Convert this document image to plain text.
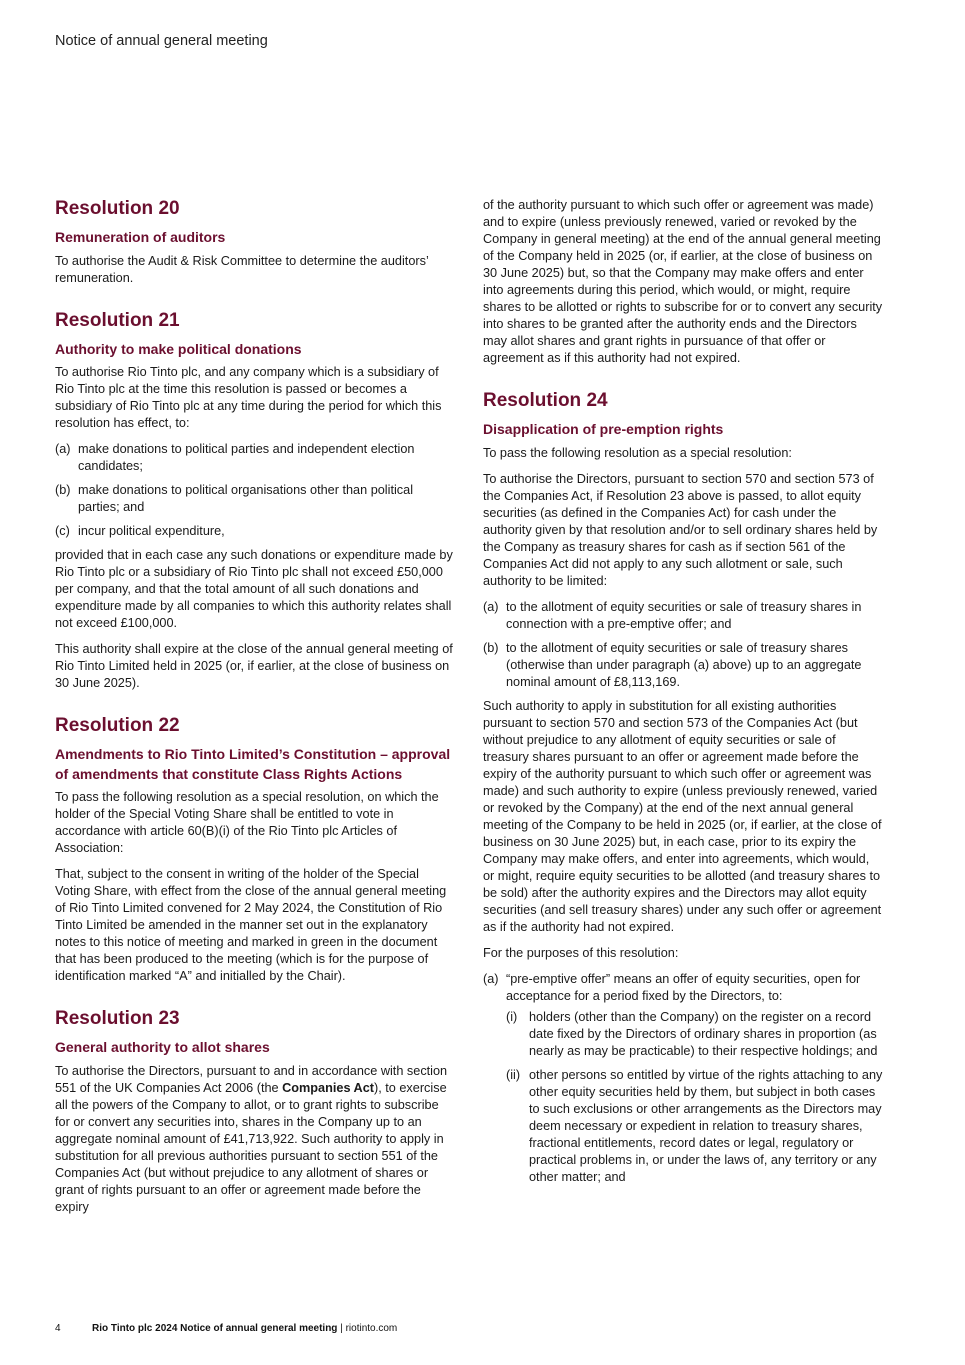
Notice of annual general meeting
Resolution 20
Remuneration of auditors

To authorise the Audit & Risk Committee to determine the auditors’ remuneration.

Resolution 21
Authority to make political donations

To authorise Rio Tinto plc, and any company which is a subsidiary of Rio Tinto plc at the time this resolution is passed or becomes a subsidiary of Rio Tinto plc at any time during the period for which this resolution has effect, to:

(a) make donations to political parties and independent election candidates;
(b) make donations to political organisations other than political parties; and
(c) incur political expenditure,

provided that in each case any such donations or expenditure made by Rio Tinto plc or a subsidiary of Rio Tinto plc shall not exceed £50,000 per company, and that the total amount of all such donations and expenditure made by all companies to which this authority relates shall not exceed £100,000.

This authority shall expire at the close of the annual general meeting of Rio Tinto Limited held in 2025 (or, if earlier, at the close of business on 30 June 2025).

Resolution 22
Amendments to Rio Tinto Limited’s Constitution – approval of amendments that constitute Class Rights Actions

To pass the following resolution as a special resolution, on which the holder of the Special Voting Share shall be entitled to vote in accordance with article 60(B)(i) of the Rio Tinto plc Articles of Association:

That, subject to the consent in writing of the holder of the Special Voting Share, with effect from the close of the annual general meeting of Rio Tinto Limited convened for 2 May 2024, the Constitution of Rio Tinto Limited be amended in the manner set out in the explanatory notes to this notice of meeting and marked in green in the document that has been produced to the meeting (which is for the purpose of identification marked “A” and initialled by the Chair).

Resolution 23
General authority to allot shares

To authorise the Directors, pursuant to and in accordance with section 551 of the UK Companies Act 2006 (the Companies Act), to exercise all the powers of the Company to allot, or to grant rights to subscribe for or convert any securities into, shares in the Company up to an aggregate nominal amount of £41,713,922. Such authority to apply in substitution for all previous authorities pursuant to section 551 of the Companies Act (but without prejudice to any allotment of shares or grant of rights pursuant to an offer or agreement made before the expiry

of the authority pursuant to which such offer or agreement was made) and to expire (unless previously renewed, varied or revoked by the Company in general meeting) at the end of the annual general meeting of the Company held in 2025 (or, if earlier, at the close of business on 30 June 2025) but, so that the Company may make offers and enter into agreements during this period, which would, or might, require shares to be allotted or rights to subscribe for or to convert any security into shares to be granted after the authority ends and the Directors may allot shares and grant rights in pursuance of that offer or agreement as if this authority had not expired.

Resolution 24
Disapplication of pre-emption rights

To pass the following resolution as a special resolution:

To authorise the Directors, pursuant to section 570 and section 573 of the Companies Act, if Resolution 23 above is passed, to allot equity securities (as defined in the Companies Act) for cash under the authority given by that resolution and/or to sell ordinary shares held by the Company as treasury shares for cash as if section 561 of the Companies Act did not apply to any such allotment or sale, such authority to be limited:

(a) to the allotment of equity securities or sale of treasury shares in connection with a pre-emptive offer; and
(b) to the allotment of equity securities or sale of treasury shares (otherwise than under paragraph (a) above) up to an aggregate nominal amount of £8,113,169.

Such authority to apply in substitution for all existing authorities pursuant to section 570 and section 573 of the Companies Act (but without prejudice to any allotment of equity securities or sale of treasury shares pursuant to an offer or agreement made before the expiry of the authority pursuant to which such offer or agreement was made) and such authority to expire (unless previously renewed, varied or revoked by the Company) at the end of the next annual general meeting of the Company to be held in 2025 (or, if earlier, at the close of business on 30 June 2025) but, in each case, prior to its expiry the Company may make offers, and enter into agreements, which would, or might, require equity securities to be allotted (and treasury shares to be sold) after the authority expires and the Directors may allot equity securities (and sell treasury shares) under any such offer or agreement as if the authority had not expired.

For the purposes of this resolution:

(a) “pre-emptive offer” means an offer of equity securities, open for acceptance for a period fixed by the Directors, to:
(i) holders (other than the Company) on the register on a record date fixed by the Directors of ordinary shares in proportion (as nearly as may be practicable) to their respective holdings; and
(ii) other persons so entitled by virtue of the rights attaching to any other equity securities held by them, but subject in both cases to such exclusions or other arrangements as the Directors may deem necessary or expedient in relation to treasury shares, fractional entitlements, record dates or legal, regulatory or practical problems in, or under the laws of, any territory or any other matter; and
4	Rio Tinto plc 2024 Notice of annual general meeting | riotinto.com
